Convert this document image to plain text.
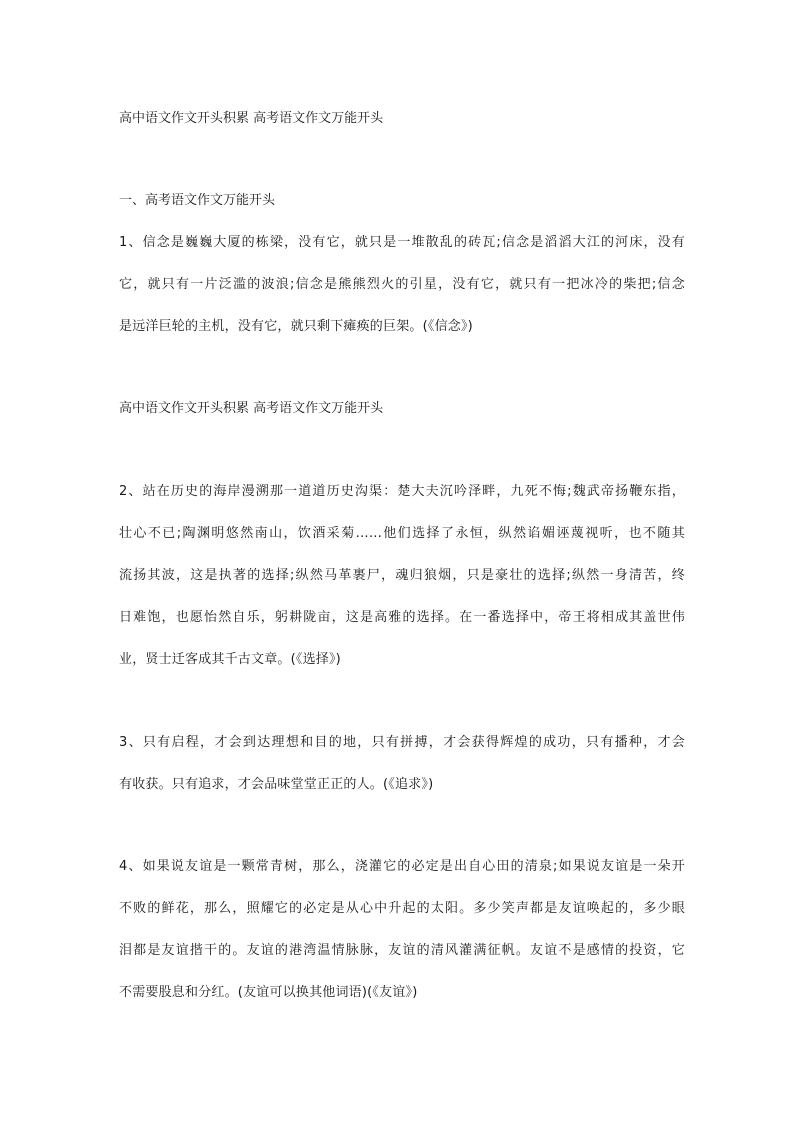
高中语文作文开头积累 高考语文作文万能开头
一、高考语文作文万能开头
1、信念是巍巍大厦的栋梁，没有它，就只是一堆散乱的砖瓦;信念是滔滔大江的河床，没有
它，就只有一片泛滥的波浪;信念是熊熊烈火的引星，没有它，就只有一把冰冷的柴把;信念
是远洋巨轮的主机，没有它，就只剩下瘫痪的巨架。(《信念》)
高中语文作文开头积累 高考语文作文万能开头
2、站在历史的海岸漫溯那一道道历史沟渠：楚大夫沉吟泽畔，九死不悔;魏武帝扬鞭东指，
壮心不已;陶渊明悠然南山，饮酒采菊……他们选择了永恒，纵然谄媚诬蔑视听，也不随其
流扬其波，这是执著的选择;纵然马革裹尸，魂归狼烟，只是豪壮的选择;纵然一身清苦，终
日难饱，也愿怡然自乐，躬耕陇亩，这是高雅的选择。在一番选择中，帝王将相成其盖世伟
业，贤士迁客成其千古文章。(《选择》)
3、只有启程，才会到达理想和目的地，只有拼搏，才会获得辉煌的成功，只有播种，才会
有收获。只有追求，才会品味堂堂正正的人。(《追求》)
4、如果说友谊是一颗常青树，那么，浇灌它的必定是出自心田的清泉;如果说友谊是一朵开
不败的鲜花，那么，照耀它的必定是从心中升起的太阳。多少笑声都是友谊唤起的，多少眼
泪都是友谊揩干的。友谊的港湾温情脉脉，友谊的清风灌满征帆。友谊不是感情的投资，它
不需要股息和分红。(友谊可以换其他词语)(《友谊》)
